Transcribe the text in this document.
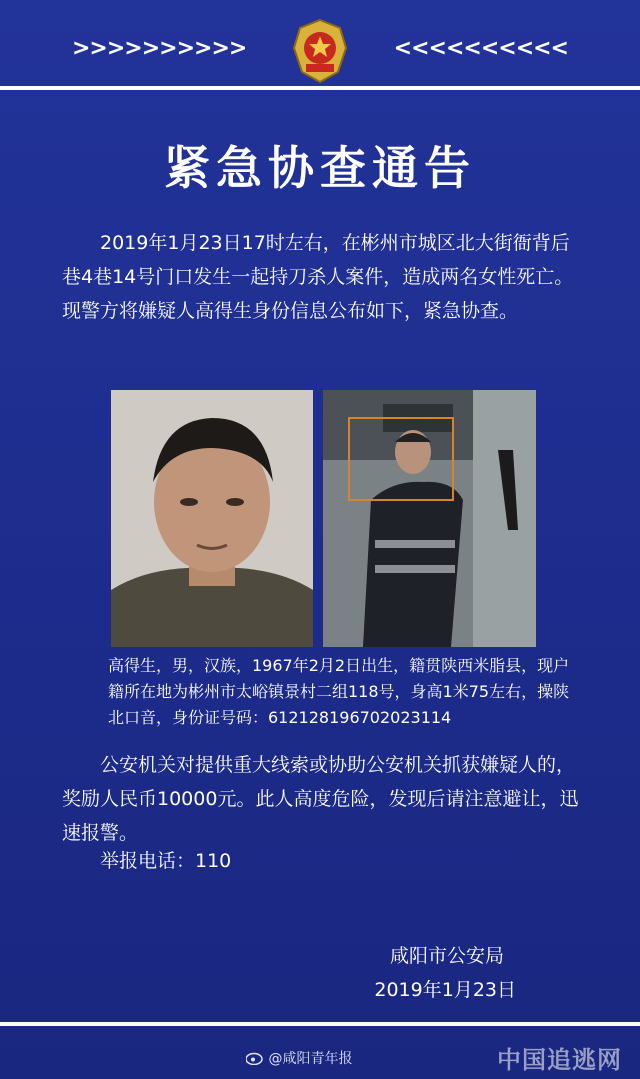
>>>>>>>>>>	<<<<<<<<<<
紧急协查通告
2019年1月23日17时左右，在彬州市城区北大街衙背后巷4巷14号门口发生一起持刀杀人案件，造成两名女性死亡。现警方将嫌疑人高得生身份信息公布如下，紧急协查。
高得生，男，汉族，1967年2月2日出生，籍贯陕西米脂县，现户籍所在地为彬州市太峪镇景村二组118号，身高1米75左右，操陕北口音，身份证号码：612128196702023114
公安机关对提供重大线索或协助公安机关抓获嫌疑人的，奖励人民币10000元。此人高度危险，发现后请注意避让，迅速报警。
举报电话：110
咸阳市公安局
2019年1月23日
@咸阳青年报	中国追逃网
